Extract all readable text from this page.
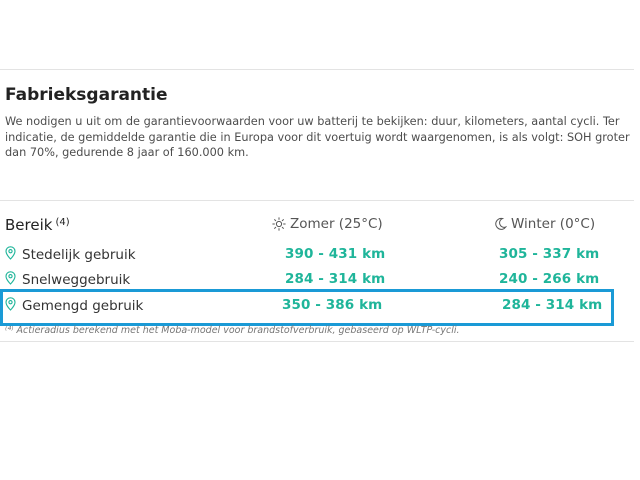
Fabrieksgarantie

We nodigen u uit om de garantievoorwaarden voor uw batterij te bekijken: duur, kilometers, aantal cycli. Ter indicatie, de gemiddelde garantie die in Europa voor dit voertuig wordt waargenomen, is als volgt: SOH groter dan 70%, gedurende 8 jaar of 160.000 km.

Bereik $^{(4)}$	Zomer (25°C)	Winter (0°C)
Stedelijk gebruik	390 - 431 km	305 - 337 km
Snelweggebruik	284 - 314 km	240 - 266 km
Gemengd gebruik	350 - 386 km	284 - 314 km
⁽⁴⁾ Actieradius berekend met het Moba-model voor brandstofverbruik, gebaseerd op WLTP-cycli.
